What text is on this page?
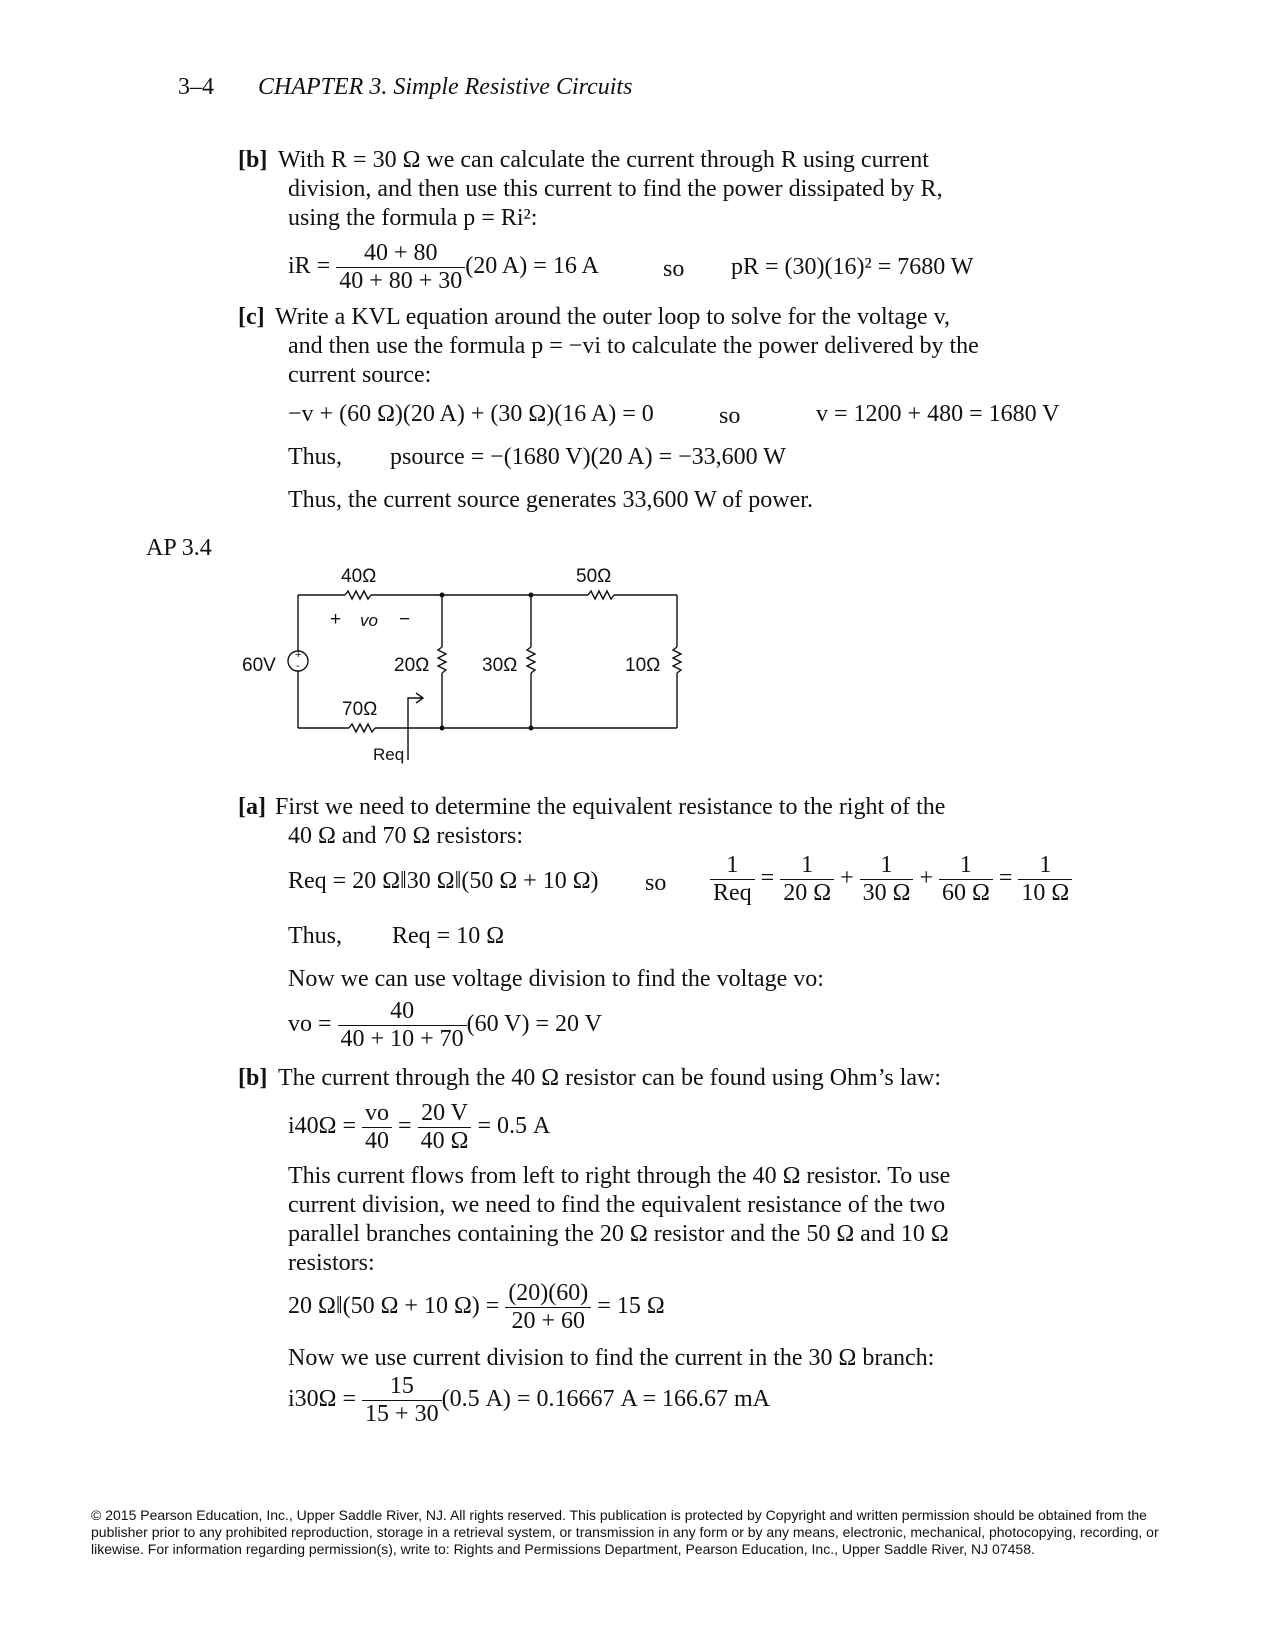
3–4 CHAPTER 3. Simple Resistive Circuits
[b] With R = 30 Ω we can calculate the current through R using current
division, and then use this current to find the power dissipated by R,
using the formula p = Ri²:
iR = $\frac{40 + 80}{40 + 80 + 30} (20$ A) = 16 A	so pR = (30)(16)² = 7680 W
[c] Write a KVL equation around the outer loop to solve for the voltage v,
and then use the formula p = −vi to calculate the power delivered by the
current source:
−v + (60 Ω)(20 A) + (30 Ω)(16 A) = 0	so	v = 1200 + 480 = 1680 V
Thus, psource = −(1680 V)(20 A) = −33,600 W
Thus, the current source generates 33,600 W of power.
AP 3.4
+
-
40Ω	50Ω
20Ω	30Ω	10Ω
70Ω
60V
+ vo −
Req
[a] First we need to determine the equivalent resistance to the right of the
40 Ω and 70 Ω resistors:
Req = 20 Ω‖30 Ω‖(50 Ω + 10 Ω) so $\frac{1}{\text{Req}} = \frac{1}{20 \Omega} + \frac{1}{30 \Omega} + \frac{1}{60 \Omega} = \frac{1}{10 \Omega}$
Thus, Req = 10 Ω
Now we can use voltage division to find the voltage vo:
vo = $\frac{40}{40 + 10 + 70} (60$ V) = 20 V
[b] The current through the 40 Ω resistor can be found using Ohm’s law:
$i40\Omega = \frac{vo}{40} = \frac{20 V}{40 \Omega} = 0.5$ A
This current flows from left to right through the 40 Ω resistor. To use
current division, we need to find the equivalent resistance of the two
parallel branches containing the 20 Ω resistor and the 50 Ω and 10 Ω
resistors:
20 Ω‖(50 Ω + 10 $\Omega) = \frac{(20)(60)}{20 + 60} = 15$ Ω
Now we use current division to find the current in the 30 Ω branch:
$i30\Omega = \frac{15}{15 + 30} (0.5$ A) = 0.16667 A = 166.67 mA
© 2015 Pearson Education, Inc., Upper Saddle River, NJ. All rights reserved. This publication is protected by Copyright and written permission should be obtained from the publisher prior to any prohibited reproduction, storage in a retrieval system, or transmission in any form or by any means, electronic, mechanical, photocopying, recording, or likewise. For information regarding permission(s), write to: Rights and Permissions Department, Pearson Education, Inc., Upper Saddle River, NJ 07458.
